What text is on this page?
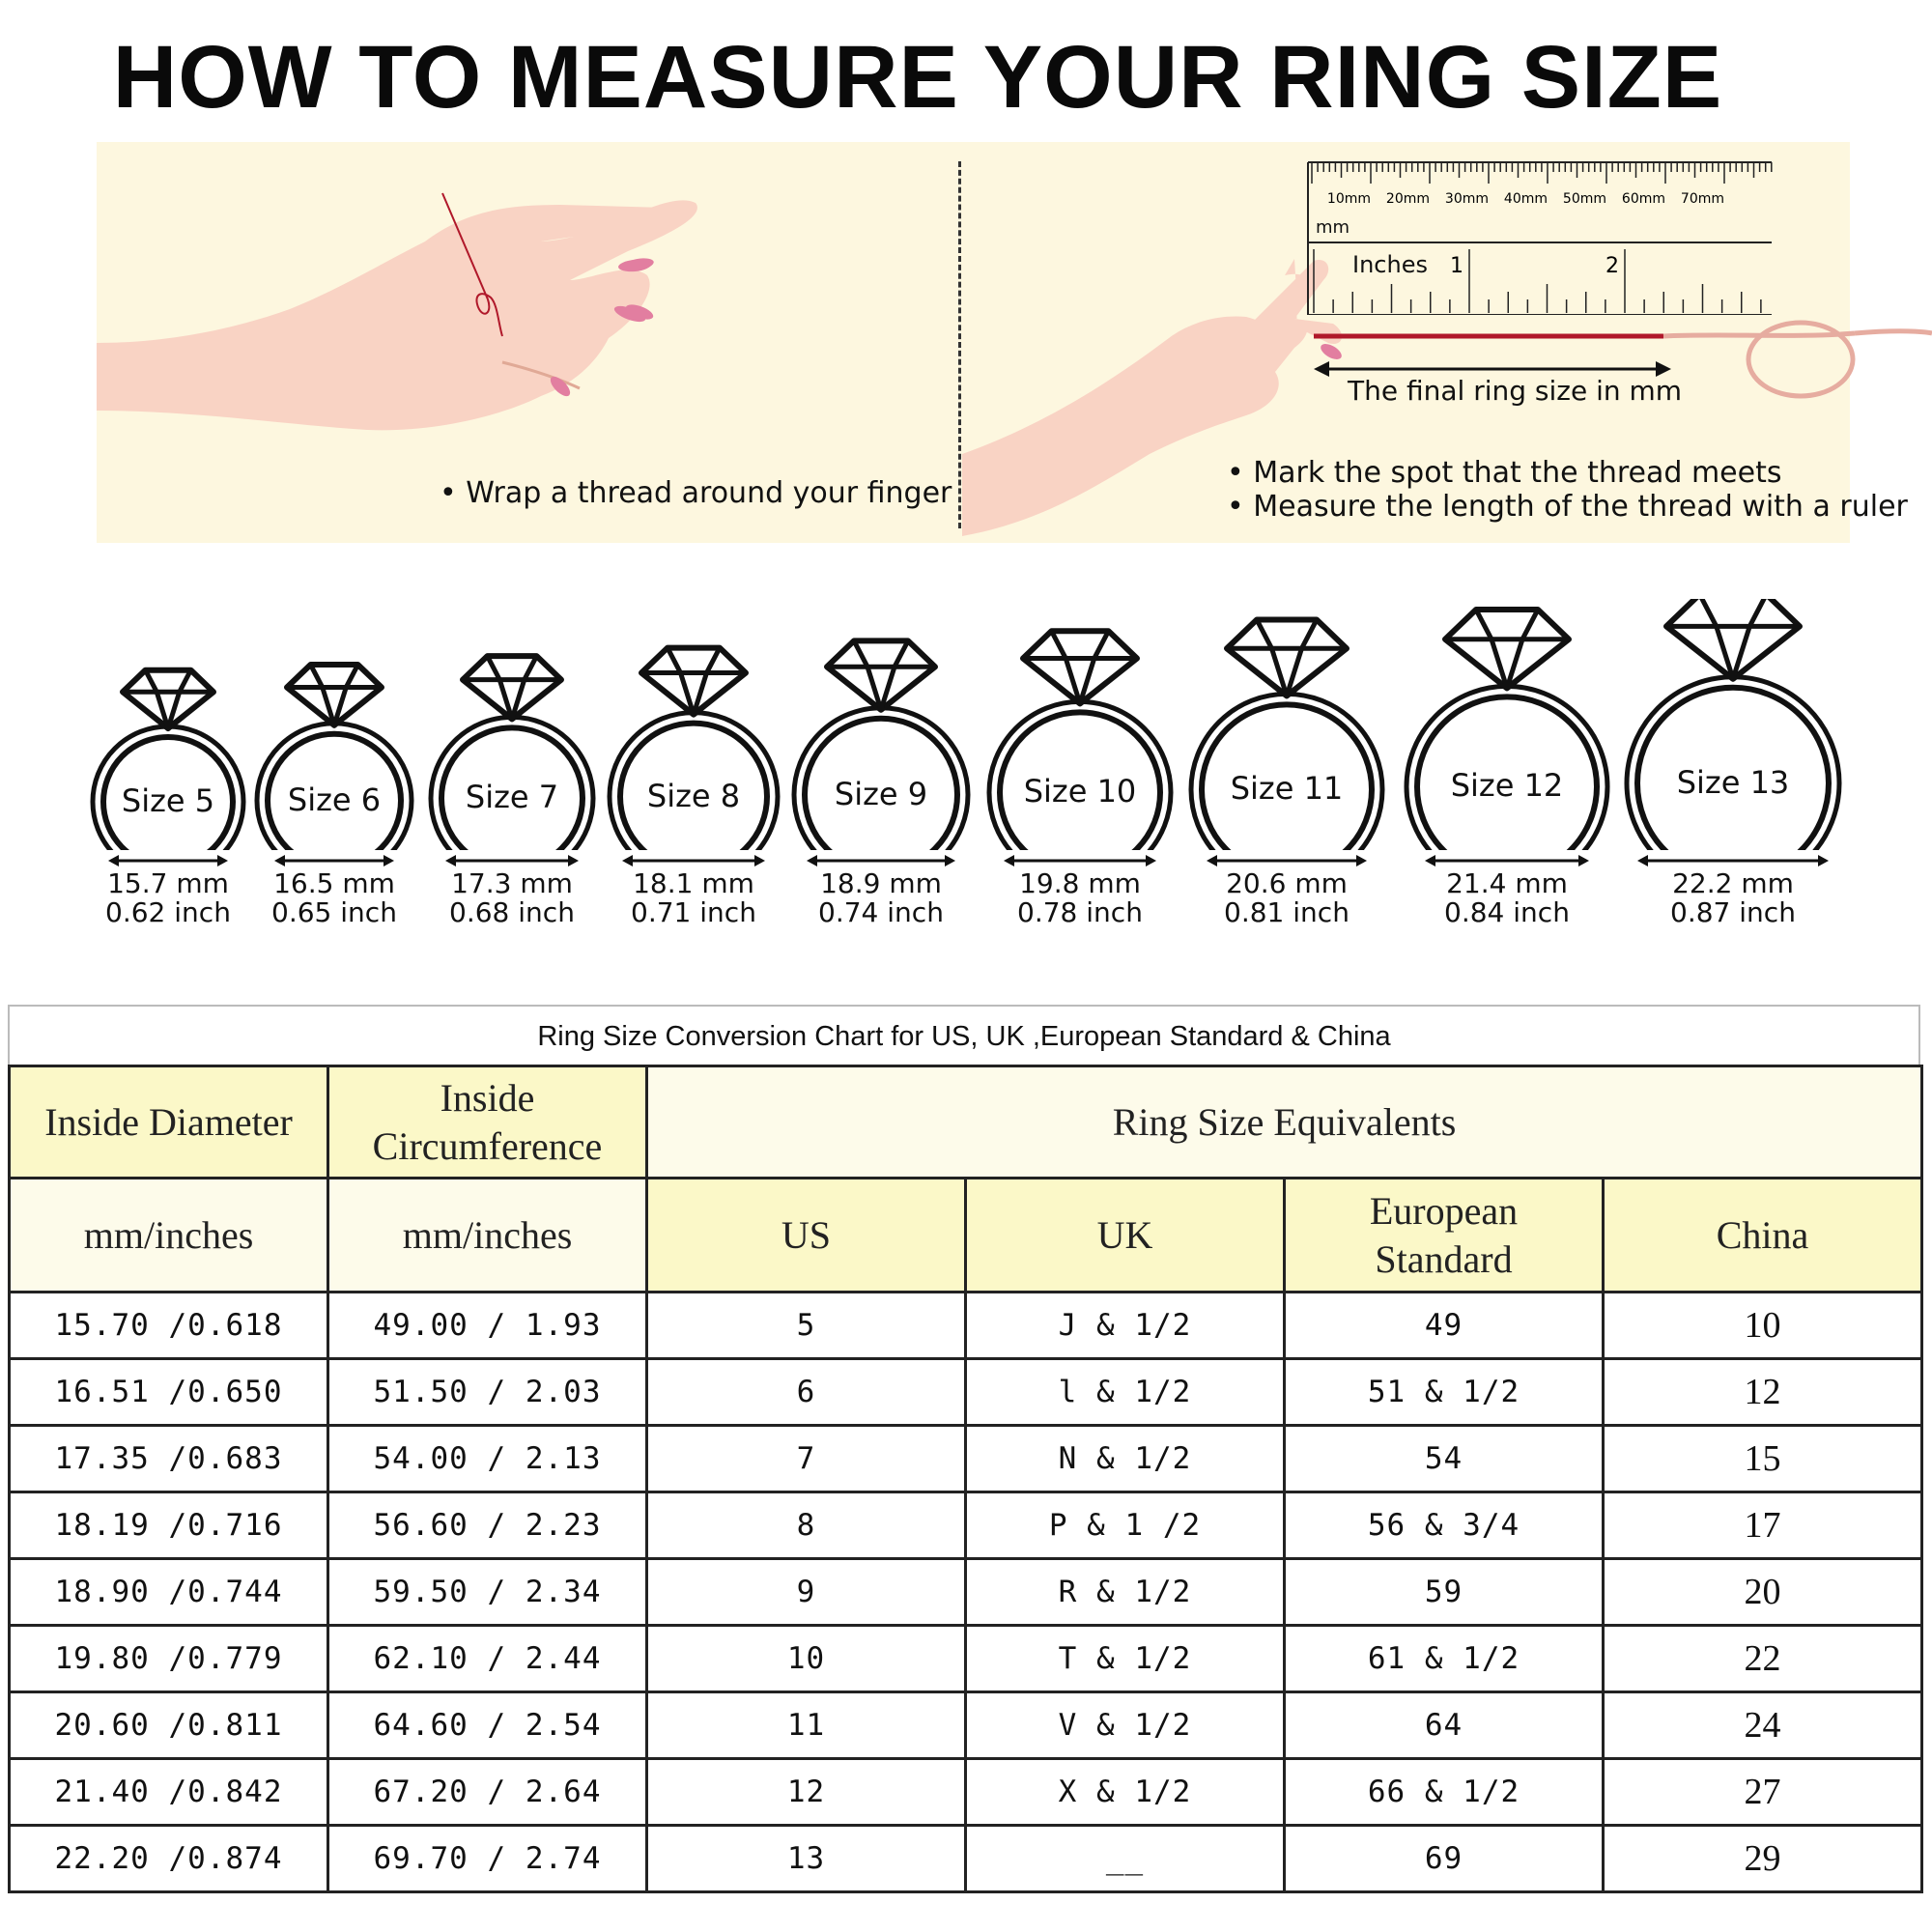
HOW TO MEASURE YOUR RING SIZE
• Wrap a thread around your finger
• Mark the spot that the thread meets
• Measure the length of the thread with a ruler
The final ring size in mm
mm
Inches
10mm 20mm 30mm 40mm 50mm 60mm 70mm
1	2
Size 5
15.7 mm
0.62 inch
Size 6
16.5 mm
0.65 inch
Size 7
17.3 mm
0.68 inch
Size 8
18.1 mm
0.71 inch
Size 9
18.9 mm
0.74 inch
Size 10
19.8 mm
0.78 inch
Size 11
20.6 mm
0.81 inch
Size 12
21.4 mm
0.84 inch
Size 13
22.2 mm
0.87 inch
Ring Size Conversion Chart for US, UK ,European Standard & China
Inside Diameter	Inside Circumference	Ring Size Equivalents			
mm/inches	mm/inches	US	UK	European Standard	China
15.70 /0.618	49.00 / 1.93	5	J & 1/2	49	10
16.51 /0.650	51.50 / 2.03	6	l & 1/2	51 & 1/2	12
17.35 /0.683	54.00 / 2.13	7	N & 1/2	54	15
18.19 /0.716	56.60 / 2.23	8	P & 1 /2	56 & 3/4	17
18.90 /0.744	59.50 / 2.34	9	R & 1/2	59	20
19.80 /0.779	62.10 / 2.44	10	T & 1/2	61 & 1/2	22
20.60 /0.811	64.60 / 2.54	11	V & 1/2	64	24
21.40 /0.842	67.20 / 2.64	12	X & 1/2	66 & 1/2	27
22.20 /0.874	69.70 / 2.74	13	__	69	29
